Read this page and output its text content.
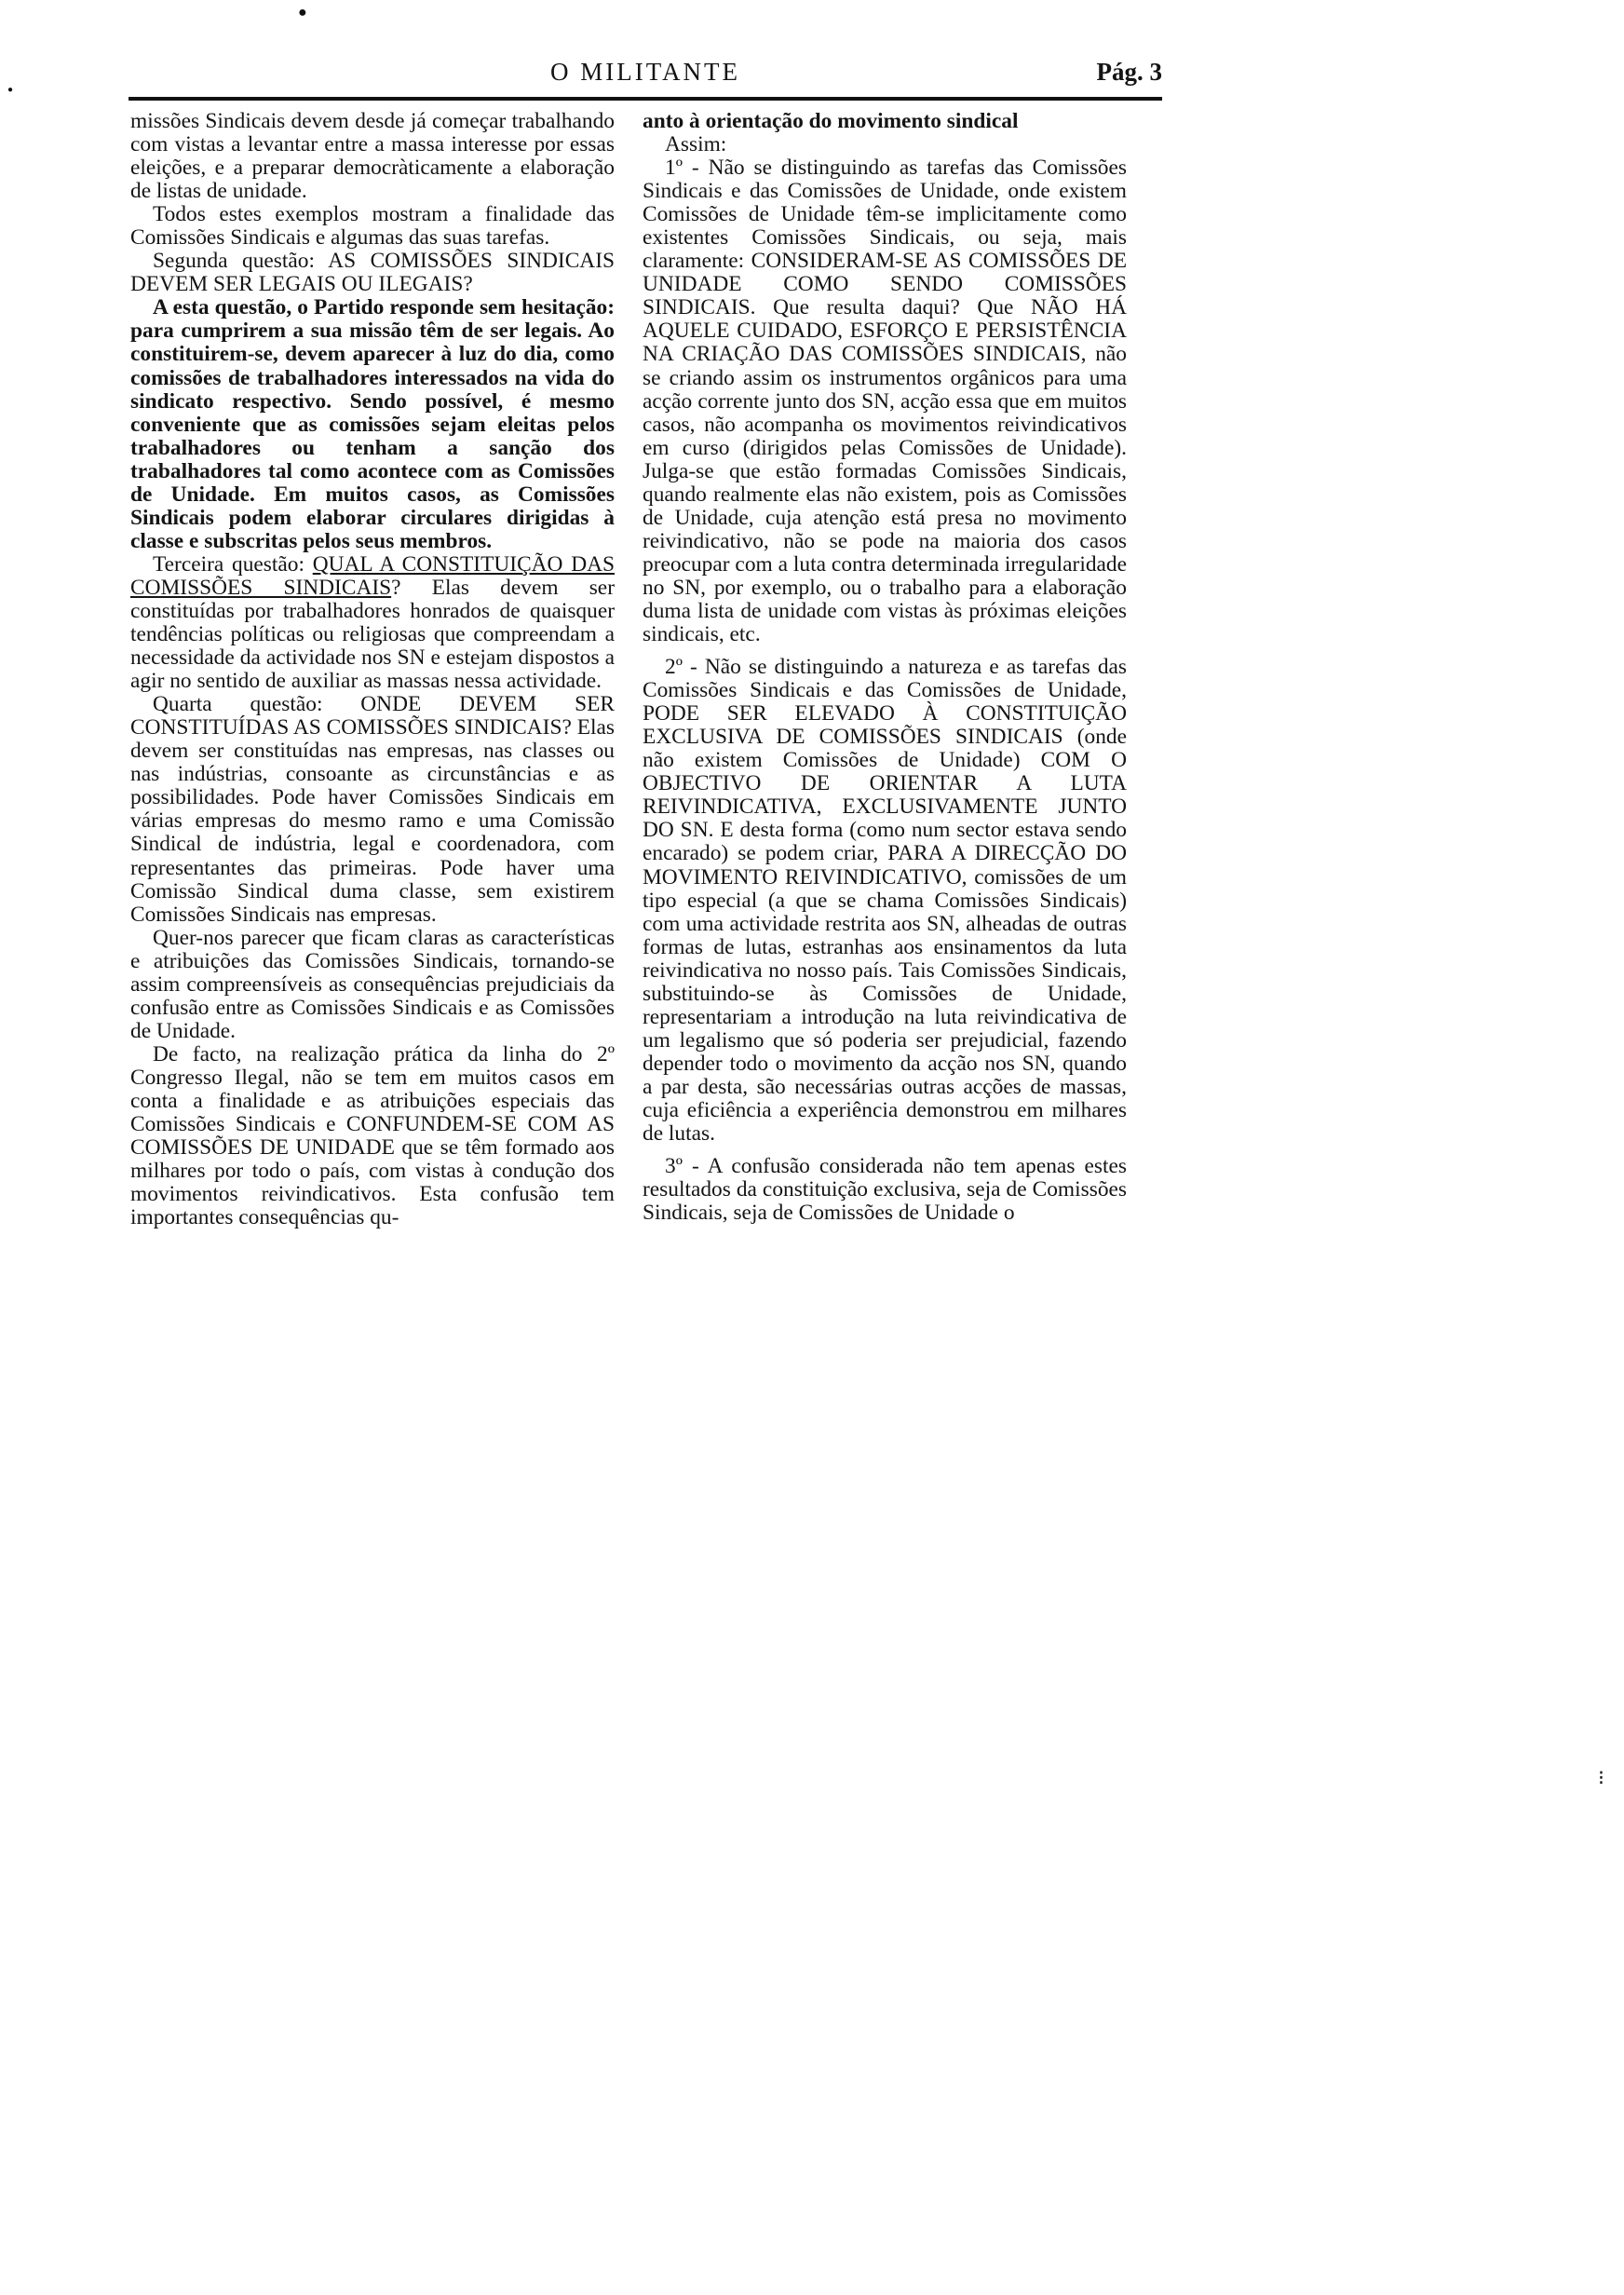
●
●
⁝
O MILITANTE	Pág. 3

missões Sindicais devem desde já começar trabalhando com vistas a levantar entre a massa interesse por essas eleições, e a preparar democràticamente a elaboração de listas de unidade.

Todos estes exemplos mostram a finalidade das Comissões Sindicais e algumas das suas tarefas.

Segunda questão: AS COMISSÕES SINDICAIS DEVEM SER LEGAIS OU ILEGAIS?

A esta questão, o Partido responde sem hesitação: para cumprirem a sua missão têm de ser legais. Ao constituirem-se, devem aparecer à luz do dia, como comissões de trabalhadores interessados na vida do sindicato respectivo. Sendo possível, é mesmo conveniente que as comissões sejam eleitas pelos trabalhadores ou tenham a sanção dos trabalhadores tal como acontece com as Comissões de Unidade. Em muitos casos, as Comissões Sindicais podem elaborar circulares dirigidas à classe e subscritas pelos seus membros.

Terceira questão: QUAL A CONSTITUIÇÃO DAS COMISSÕES SINDICAIS? Elas devem ser constituídas por trabalhadores honrados de quaisquer tendências políticas ou religiosas que compreendam a necessidade da actividade nos SN e estejam dispostos a agir no sentido de auxiliar as massas nessa actividade.

Quarta questão: ONDE DEVEM SER CONSTITUÍDAS AS COMISSÕES SINDICAIS? Elas devem ser constituídas nas empresas, nas classes ou nas indústrias, consoante as circunstâncias e as possibilidades. Pode haver Comissões Sindicais em várias empresas do mesmo ramo e uma Comissão Sindical de indústria, legal e coordenadora, com representantes das primeiras. Pode haver uma Comissão Sindical duma classe, sem existirem Comissões Sindicais nas empresas.

Quer-nos parecer que ficam claras as características e atribuições das Comissões Sindicais, tornando-se assim compreensíveis as consequências prejudiciais da confusão entre as Comissões Sindicais e as Comissões de Unidade.

De facto, na realização prática da linha do 2º Congresso Ilegal, não se tem em muitos casos em conta a finalidade e as atribuições especiais das Comissões Sindicais e CONFUNDEM-SE COM AS COMISSÕES DE UNIDADE que se têm formado aos milhares por todo o país, com vistas à condução dos movimentos reivindicativos. Esta confusão tem importantes consequências qu-

anto à orientação do movimento sindical

Assim:

1º - Não se distinguindo as tarefas das Comissões Sindicais e das Comissões de Unidade, onde existem Comissões de Unidade têm-se implicitamente como existentes Comissões Sindicais, ou seja, mais claramente: CONSIDERAM-SE AS COMISSÕES DE UNIDADE COMO SENDO COMISSÕES SINDICAIS. Que resulta daqui? Que NÃO HÁ AQUELE CUIDADO, ESFORÇO E PERSISTÊNCIA NA CRIAÇÃO DAS COMISSÕES SINDICAIS, não se criando assim os instrumentos orgânicos para uma acção corrente junto dos SN, acção essa que em muitos casos, não acompanha os movimentos reivindicativos em curso (dirigidos pelas Comissões de Unidade). Julga-se que estão formadas Comissões Sindicais, quando realmente elas não existem, pois as Comissões de Unidade, cuja atenção está presa no movimento reivindicativo, não se pode na maioria dos casos preocupar com a luta contra determinada irregularidade no SN, por exemplo, ou o trabalho para a elaboração duma lista de unidade com vistas às próximas eleições sindicais, etc.

2º - Não se distinguindo a natureza e as tarefas das Comissões Sindicais e das Comissões de Unidade, PODE SER ELEVADO À CONSTITUIÇÃO EXCLUSIVA DE COMISSÕES SINDICAIS (onde não existem Comissões de Unidade) COM O OBJECTIVO DE ORIENTAR A LUTA REIVINDICATIVA, EXCLUSIVAMENTE JUNTO DO SN. E desta forma (como num sector estava sendo encarado) se podem criar, PARA A DIRECÇÃO DO MOVIMENTO REIVINDICATIVO, comissões de um tipo especial (a que se chama Comissões Sindicais) com uma actividade restrita aos SN, alheadas de outras formas de lutas, estranhas aos ensinamentos da luta reivindicativa no nosso país. Tais Comissões Sindicais, substituindo-se às Comissões de Unidade, representariam a introdução na luta reivindicativa de um legalismo que só poderia ser prejudicial, fazendo depender todo o movimento da acção nos SN, quando a par desta, são necessárias outras acções de massas, cuja eficiência a experiência demonstrou em milhares de lutas.

3º - A confusão considerada não tem apenas estes resultados da constituição exclusiva, seja de Comissões Sindicais, seja de Comissões de Unidade o
